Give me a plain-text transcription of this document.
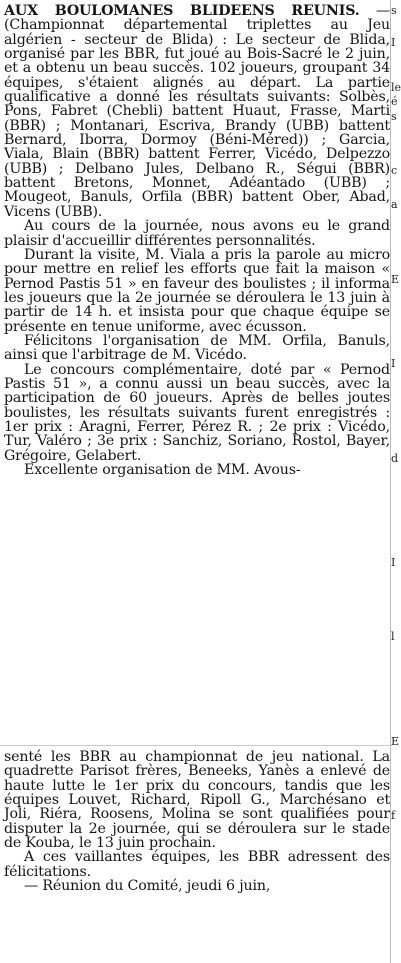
AUX BOULOMANES BLIDEENS REUNIS. — (Championnat départemental triplettes au Jeu algérien - secteur de Blida) : Le secteur de Blida, organisé par les BBR, fut joué au Bois-Sacré le 2 juin, et a obtenu un beau succès. 102 joueurs, groupant 34 équipes, s'étaient alignés au départ. La partie qualificative a donné les résultats suivants: Solbès, Pons, Fabret (Chebli) battent Huaut, Frasse, Marti (BBR) ; Montanari, Escriva, Brandy (UBB) battent Bernard, Iborra, Dormoy (Béni-Méred)) ; Garcia, Viala, Blain (BBR) battent Ferrer, Vicédo, Delpezzo (UBB) ; Delbano Jules, Delbano R., Ségui (BBR) battent Bretons, Monnet, Adéantado (UBB) ; Mougeot, Banuls, Orfila (BBR) battent Ober, Abad, Vicens (UBB).

Au cours de la journée, nous avons eu le grand plaisir d'accueillir différentes personnalités.

Durant la visite, M. Viala a pris la parole au micro pour mettre en relief les efforts que fait la maison « Pernod Pastis 51 » en faveur des boulistes ; il informa les joueurs que la 2e journée se déroulera le 13 juin à partir de 14 h. et insista pour que chaque équipe se présente en tenue uniforme, avec écusson.

Félicitons l'organisation de MM. Orfila, Banuls, ainsi que l'arbitrage de M. Vicédo.

Le concours complémentaire, doté par « Pernod Pastis 51 », a connu aussi un beau succès, avec la participation de 60 joueurs. Après de belles joutes boulistes, les résultats suivants furent enregistrés : 1er prix : Aragni, Ferrer, Pérez R. ; 2e prix : Vicédo, Tur, Valéro ; 3e prix : Sanchiz, Soriano, Rostol, Bayer, Grégoire, Gelabert.

Excellente organisation de MM. Avous-

senté les BBR au championnat de jeu national. La quadrette Parisot frères, Beneeks, Yanès a enlevé de haute lutte le 1er prix du concours, tandis que les équipes Louvet, Richard, Ripoll G., Marchésano et Joli, Riéra, Roosens, Molina se sont qualifiées pour disputer la 2e journée, qui se déroulera sur le stade de Kouba, le 13 juin prochain.

A ces vaillantes équipes, les BBR adressent des félicitations.

— Réunion du Comité, jeudi 6 juin,

s
I
le
é
s
c
a
E
I
d
I
l
E
f
